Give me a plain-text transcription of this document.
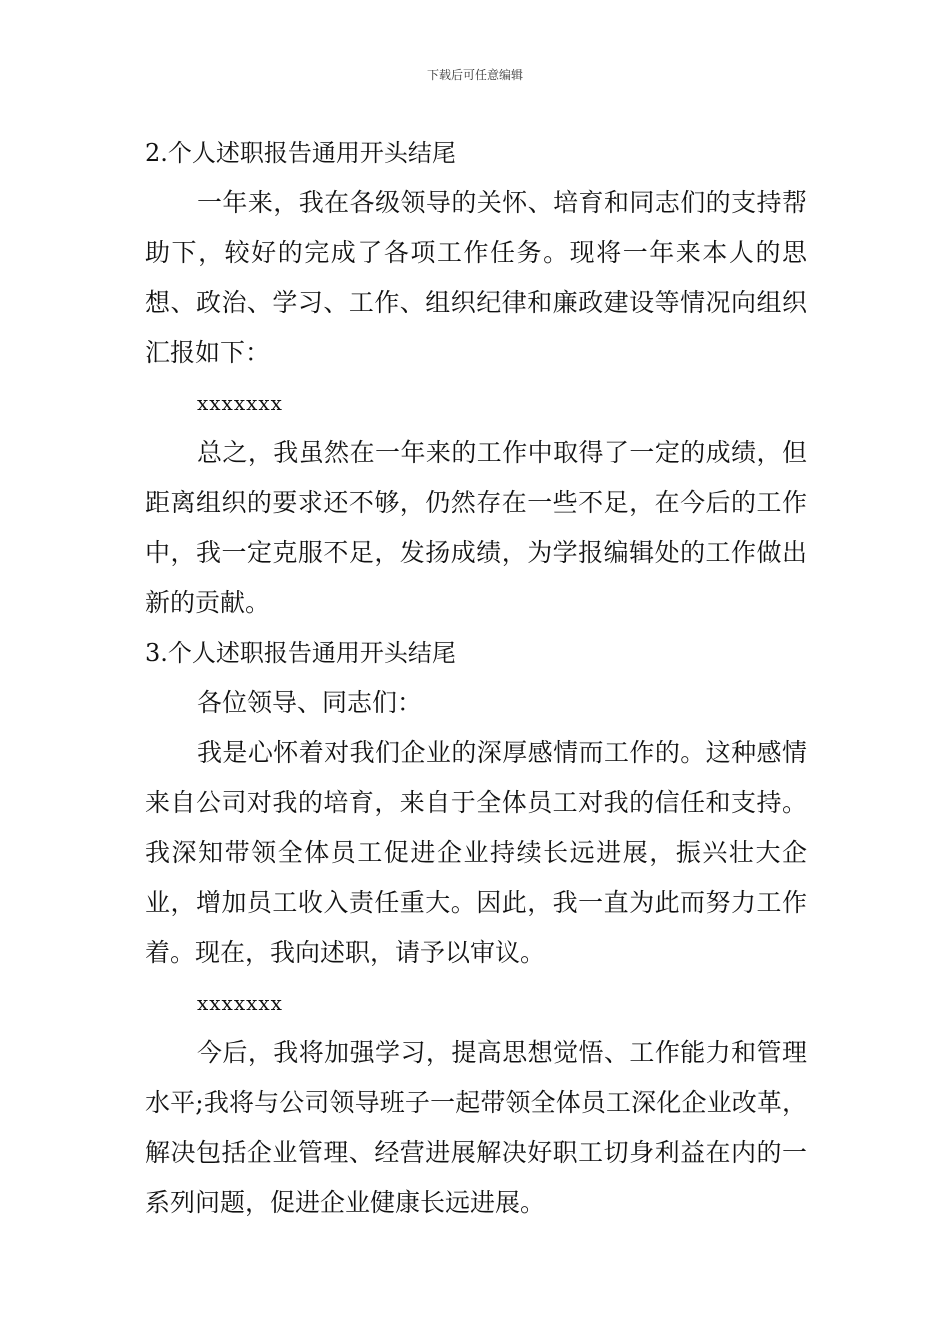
下载后可任意编辑

2.个人述职报告通用开头结尾

一年来，我在各级领导的关怀、培育和同志们的支持帮助下，较好的完成了各项工作任务。现将一年来本人的思想、政治、学习、工作、组织纪律和廉政建设等情况向组织汇报如下：

xxxxxxx

总之，我虽然在一年来的工作中取得了一定的成绩，但距离组织的要求还不够，仍然存在一些不足，在今后的工作中，我一定克服不足，发扬成绩，为学报编辑处的工作做出新的贡献。

3.个人述职报告通用开头结尾

各位领导、同志们：

我是心怀着对我们企业的深厚感情而工作的。这种感情来自公司对我的培育，来自于全体员工对我的信任和支持。我深知带领全体员工促进企业持续长远进展，振兴壮大企业，增加员工收入责任重大。因此，我一直为此而努力工作着。现在，我向述职，请予以审议。

xxxxxxx

今后，我将加强学习，提高思想觉悟、工作能力和管理水平;我将与公司领导班子一起带领全体员工深化企业改革，解决包括企业管理、经营进展解决好职工切身利益在内的一系列问题，促进企业健康长远进展。
